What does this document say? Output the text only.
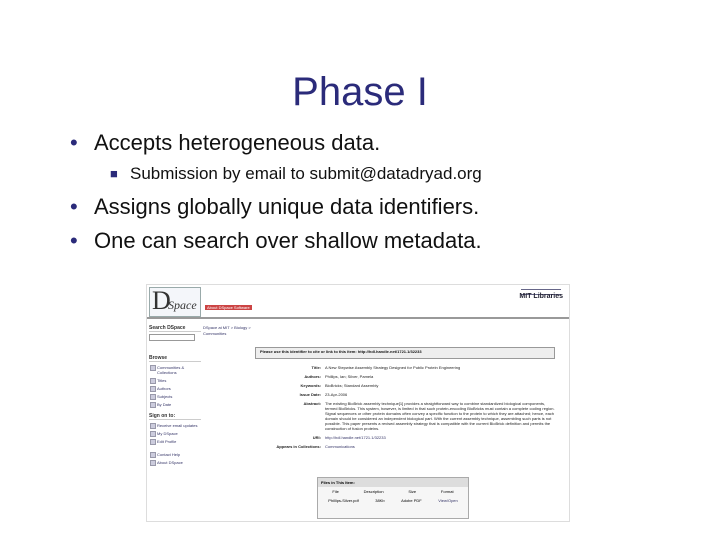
Phase I
• Accepts heterogeneous data.
■ Submission by email to submit@datadryad.org
• Assigns globally unique data identifiers.
• One can search over shallow metadata.
D
Space	About DSpace Software
MIT Libraries
Search DSpace
Browse
Communities & Collections
Titles
Authors
Subjects
By Date
Sign on to:
Receive email updates
My DSpace
Edit Profile
Contact Help
About DSpace
DSpace at MIT > Biology > Communities
Please use this identifier to cite or link to this item: http://hdl.handle.net/1721.1/32233
Title:	A New Stepwise Assembly Strategy Designed for Public Protein Engineering
Authors:	Phillips, Ian; Silver, Pamela
Keywords:	BioBricks; Standard Assembly
Issue Date:	23-Apr-2006
Abstract:	The existing BioBrick assembly technique[1] provides a straightforward way to combine standardized biological components, termed BioBricks. This system, however, is limited in that such protein-encoding BioBricks must contain a complete coding region. Signal sequences or other protein domains often convey a specific function to the protein to which they are attached; hence, each domain should be considered an independent biological part. With the current assembly technique, assembling such parts is not possible. This paper presents a revised assembly strategy that is compatible with the current BioBrick definition and permits the construction of fusion proteins.
URI:	http://hdl.handle.net/1721.1/32233
Appears in Collections:	Communications
Files in This Item:
File	Description	Size	Format
Phillips-Silver.pdf	38Kb	Adobe PDF	View/Open
